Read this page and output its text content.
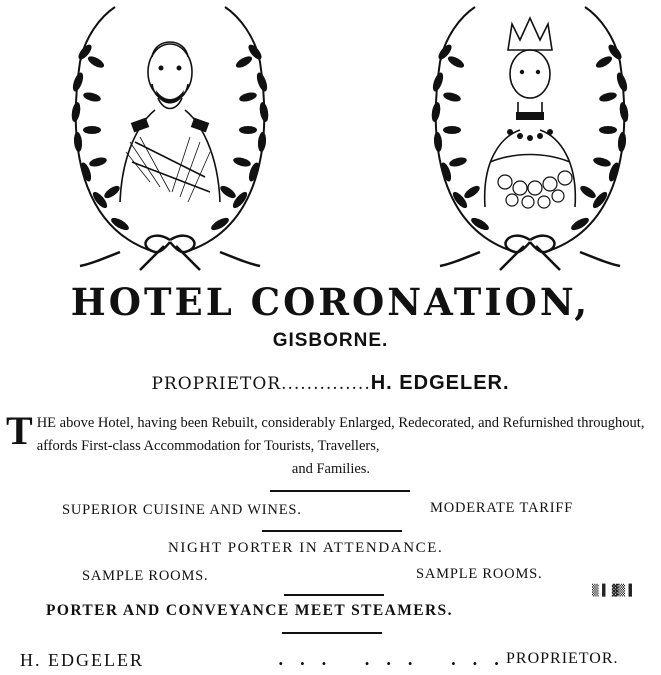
HOTEL CORONATION,
GISBORNE.
PROPRIETOR..............H. EDGELER.
T HE above Hotel, having been Rebuilt, considerably Enlarged, Redecorated, and Refurnished throughout, affords First-class Accommodation for Tourists, Travellers,
and Families.
SUPERIOR CUISINE AND WINES.	MODERATE TARIFF
NIGHT PORTER IN ATTENDANCE.
SAMPLE ROOMS.	SAMPLE ROOMS.
PORTER AND CONVEYANCE MEET STEAMERS.
▒▐ ▓▒▐
H. EDGELER	... ... ...
PROPRIETOR.
